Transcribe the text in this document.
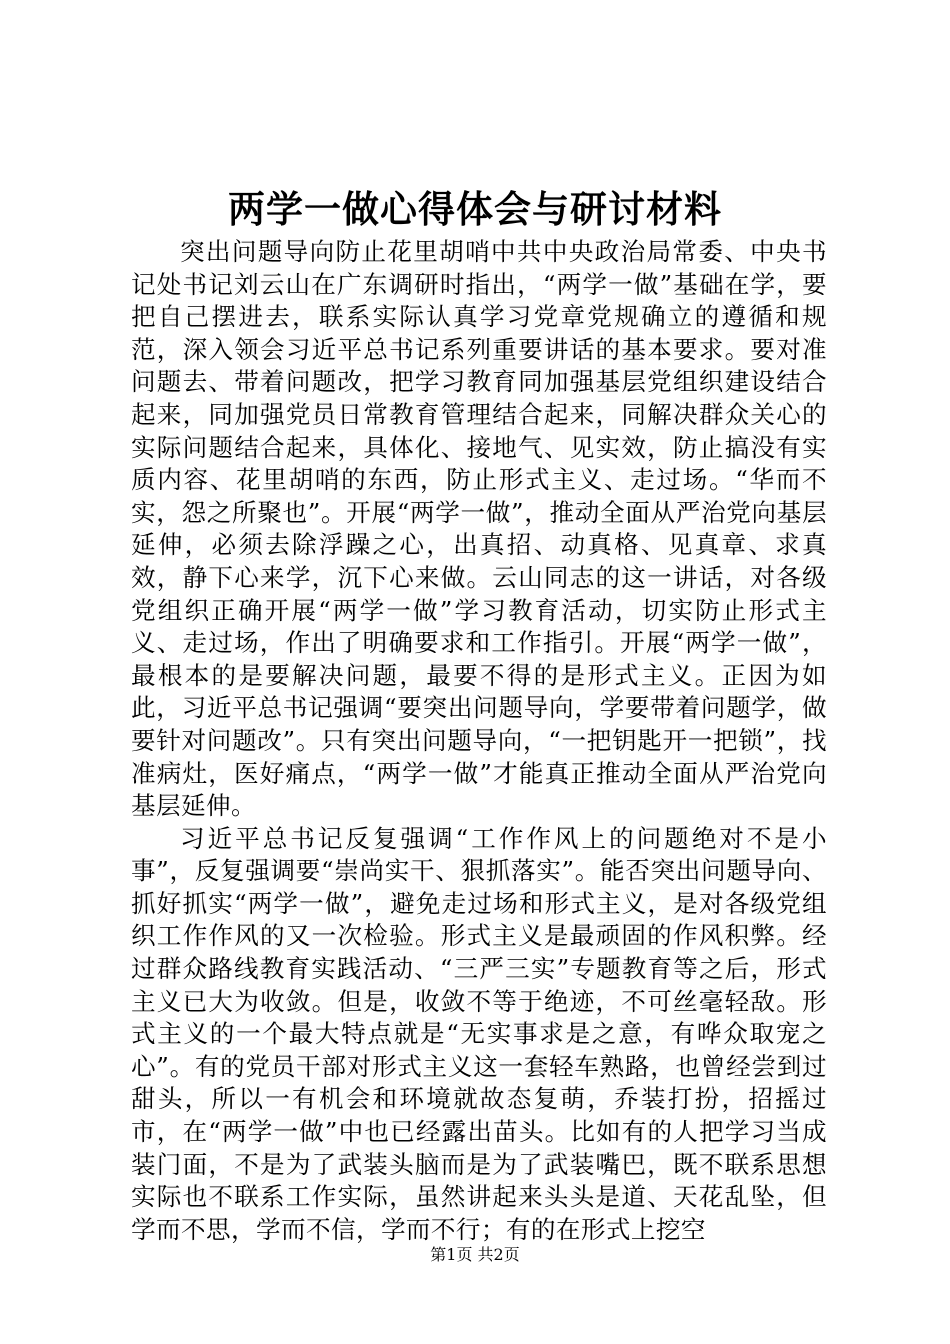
两学一做心得体会与研讨材料

突出问题导向防止花里胡哨中共中央政治局常委、中央书记处书记刘云山在广东调研时指出，“两学一做”基础在学，要把自己摆进去，联系实际认真学习党章党规确立的遵循和规范，深入领会习近平总书记系列重要讲话的基本要求。要对准问题去、带着问题改，把学习教育同加强基层党组织建设结合起来，同加强党员日常教育管理结合起来，同解决群众关心的实际问题结合起来，具体化、接地气、见实效，防止搞没有实质内容、花里胡哨的东西，防止形式主义、走过场。“华而不实，怨之所聚也”。开展“两学一做”，推动全面从严治党向基层延伸，必须去除浮躁之心，出真招、动真格、见真章、求真效，静下心来学，沉下心来做。云山同志的这一讲话，对各级党组织正确开展“两学一做”学习教育活动，切实防止形式主义、走过场，作出了明确要求和工作指引。开展“两学一做”，最根本的是要解决问题，最要不得的是形式主义。正因为如此，习近平总书记强调“要突出问题导向，学要带着问题学，做要针对问题改”。只有突出问题导向，“一把钥匙开一把锁”，找准病灶，医好痛点，“两学一做”才能真正推动全面从严治党向基层延伸。

习近平总书记反复强调“工作作风上的问题绝对不是小事”，反复强调要“崇尚实干、狠抓落实”。能否突出问题导向、抓好抓实“两学一做”，避免走过场和形式主义，是对各级党组织工作作风的又一次检验。形式主义是最顽固的作风积弊。经过群众路线教育实践活动、“三严三实”专题教育等之后，形式主义已大为收敛。但是，收敛不等于绝迹，不可丝毫轻敌。形式主义的一个最大特点就是“无实事求是之意，有哗众取宠之心”。有的党员干部对形式主义这一套轻车熟路，也曾经尝到过甜头，所以一有机会和环境就故态复萌，乔装打扮，招摇过市，在“两学一做”中也已经露出苗头。比如有的人把学习当成装门面，不是为了武装头脑而是为了武装嘴巴，既不联系思想实际也不联系工作实际，虽然讲起来头头是道、天花乱坠，但学而不思，学而不信，学而不行；有的在形式上挖空

第1页 共2页
